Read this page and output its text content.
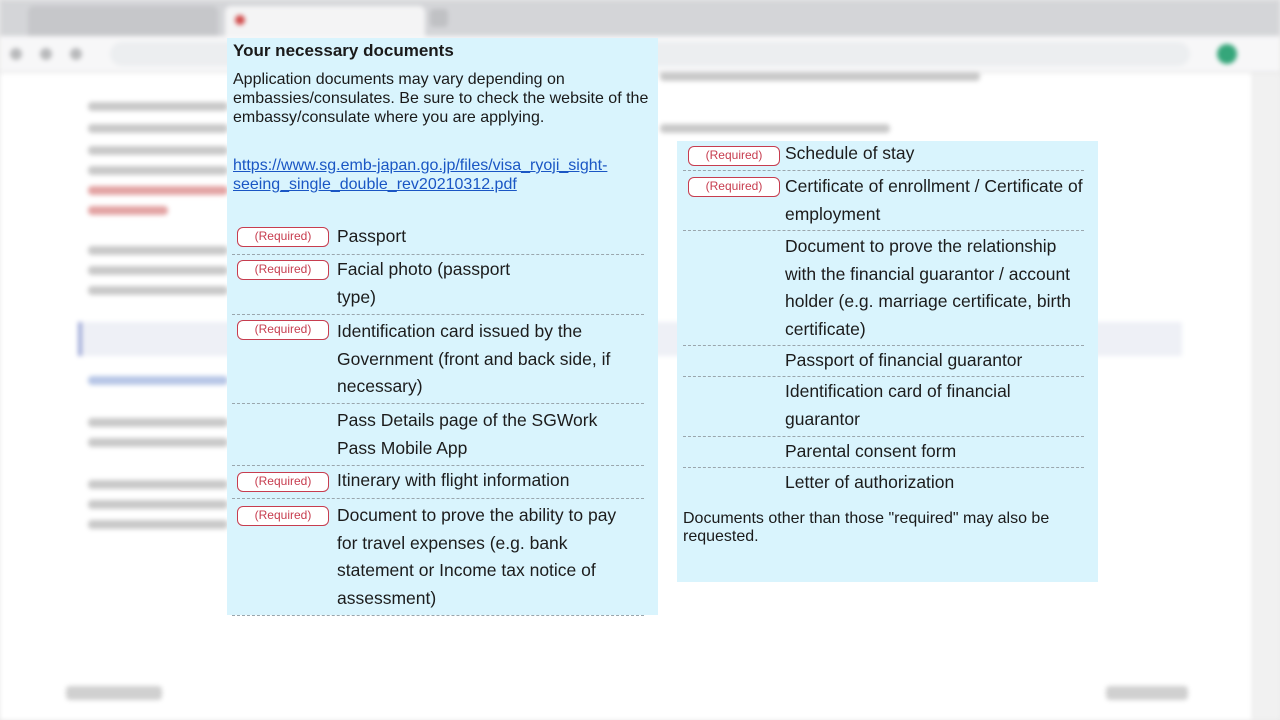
Your necessary documents

Application documents may vary depending on embassies/consulates. Be sure to check the website of the embassy/consulate where you are applying.

https://www.sg.emb-japan.go.jp/files/visa_ryoji_sight-seeing_single_double_rev20210312.pdf
(Required)	Passport
(Required)	Facial photo (passport type)
(Required)	Identification card issued by the Government (front and back side, if necessary)
Pass Details page of the SGWork Pass Mobile App
(Required)	Itinerary with flight information
(Required)	Document to prove the ability to pay for travel expenses (e.g. bank statement or Income tax notice of assessment)
(Required)	Schedule of stay
(Required)	Certificate of enrollment / Certificate of employment
Document to prove the relationship with the financial guarantor / account holder (e.g. marriage certificate, birth certificate)
Passport of financial guarantor
Identification card of financial guarantor
Parental consent form
Letter of authorization

Documents other than those "required" may also be requested.
